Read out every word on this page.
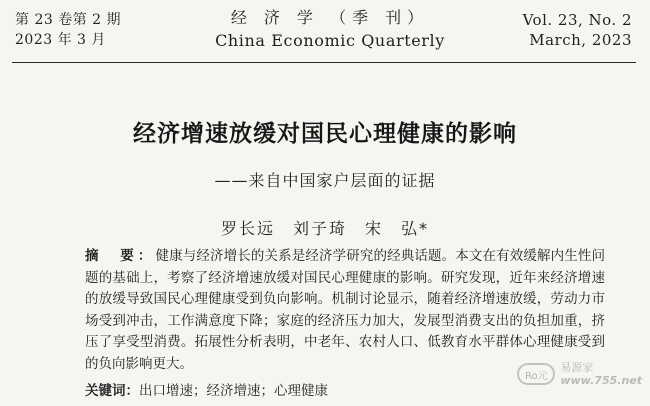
第 23 卷第 2 期
2023 年 3 月
经 济 学 （季 刊）
China Economic Quarterly
Vol. 23, No. 2
March, 2023
经济增速放缓对国民心理健康的影响
——来自中国家户层面的证据
罗长远　刘子琦　宋　弘*
摘　要：健康与经济增长的关系是经济学研究的经典话题。本文在有效缓解内生性问题的基础上，考察了经济增速放缓对国民心理健康的影响。研究发现，近年来经济增速的放缓导致国民心理健康受到负向影响。机制讨论显示，随着经济增速放缓，劳动力市场受到冲击，工作满意度下降；家庭的经济压力加大，发展型消费支出的负担加重，挤压了享受型消费。拓展性分析表明，中老年、农村人口、低教育水平群体心理健康受到的负向影响更大。
关键词：出口增速；经济增速；心理健康
Ro元
易源家
www.755.net
